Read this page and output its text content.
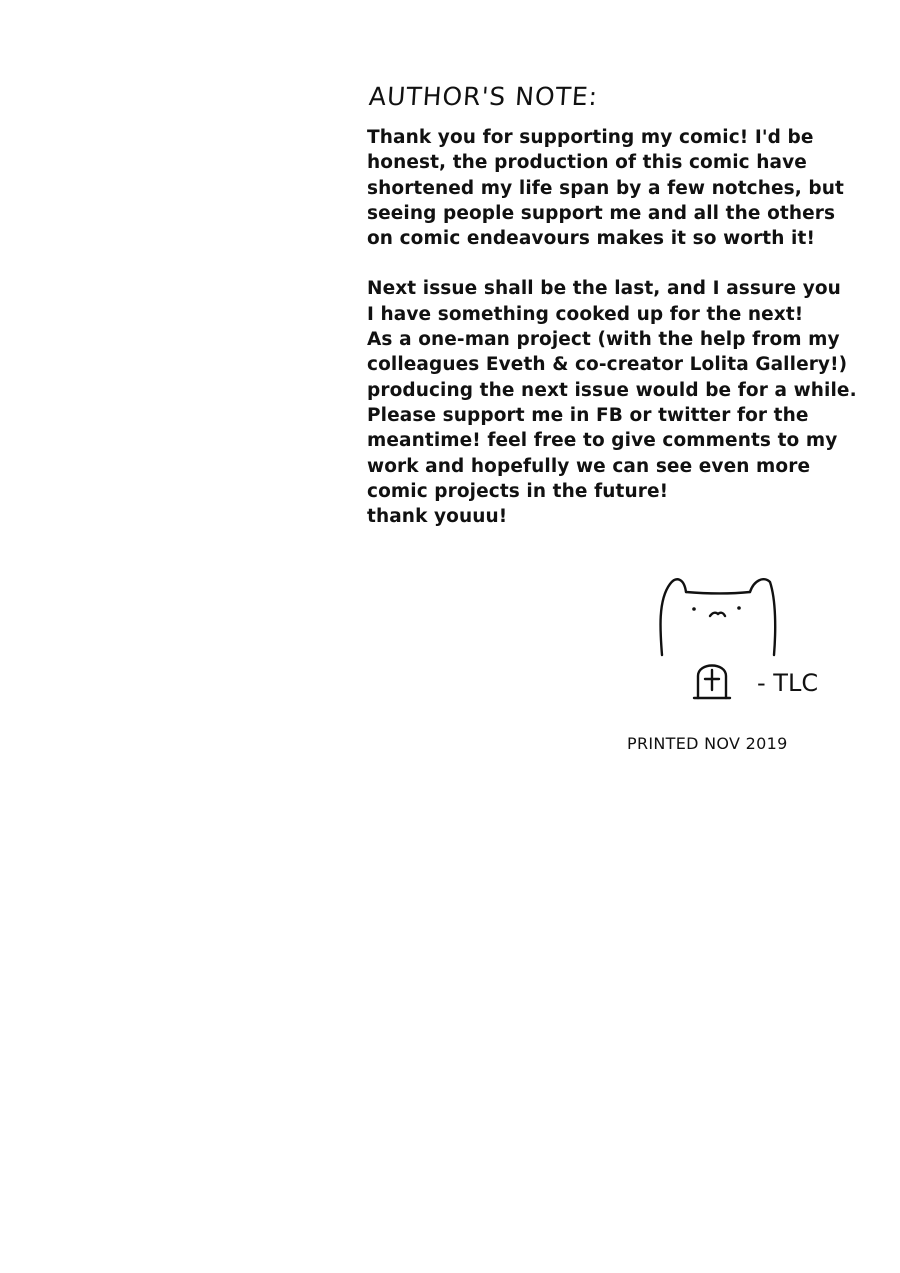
AUTHOR'S NOTE:

Thank you for supporting my comic! I'd be
honest, the production of this comic have
shortened my life span by a few notches, but
seeing people support me and all the others
on comic endeavours makes it so worth it!

Next issue shall be the last, and I assure you
I have something cooked up for the next!
As a one-man project (with the help from my
colleagues Eveth & co-creator Lolita Gallery!)
producing the next issue would be for a while.
Please support me in FB or twitter for the
meantime! feel free to give comments to my
work and hopefully we can see even more
comic projects in the future!
thank youuu!

- TLC
PRINTED NOV 2019
